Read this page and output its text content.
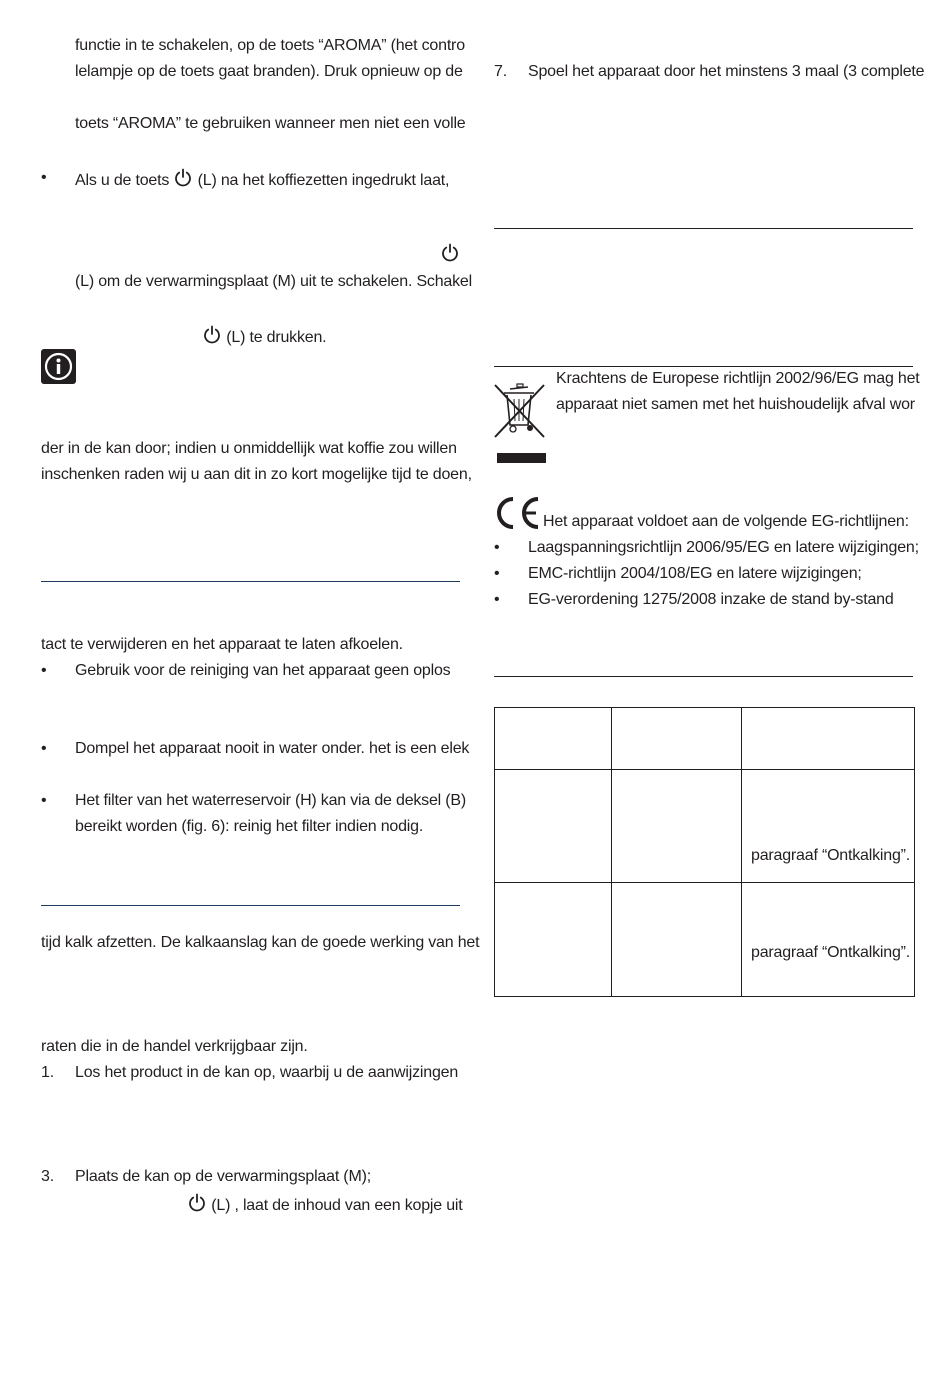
functie in te schakelen, op de toets “AROMA” (het contro
lelampje op de toets gaat branden). Druk opnieuw op de
toets “AROMA” te gebruiken wanneer men niet een volle
• Als u de toets (L) na het koffiezetten ingedrukt laat,
(L) om de verwarmingsplaat (M) uit te schakelen. Schakel
(L) te drukken.
der in de kan door; indien u onmiddellijk wat koffie zou willen
inschenken raden wij u aan dit in zo kort mogelijke tijd te doen,
tact te verwijderen en het apparaat te laten afkoelen.
• Gebruik voor de reiniging van het apparaat geen oplos
• Dompel het apparaat nooit in water onder. het is een elek
• Het filter van het waterreservoir (H) kan via de deksel (B)
bereikt worden (fig. 6): reinig het filter indien nodig.
tijd kalk afzetten. De kalkaanslag kan de goede werking van het
raten die in de handel verkrijgbaar zijn.
1. Los het product in de kan op, waarbij u de aanwijzingen
3. Plaats de kan op de verwarmingsplaat (M);
(L) , laat de inhoud van een kopje uit
7. Spoel het apparaat door het minstens 3 maal (3 complete
Krachtens de Europese richtlijn 2002/96/EG mag het
apparaat niet samen met het huishoudelijk afval wor
Het apparaat voldoet aan de volgende EG-richtlijnen:
• Laagspanningsrichtlijn 2006/95/EG en latere wijzigingen;
• EMC-richtlijn 2004/108/EG en latere wijzigingen;
• EG-verordening 1275/2008 inzake de stand by-stand

		paragraaf “Ontkalking”.

		paragraaf “Ontkalking”.
